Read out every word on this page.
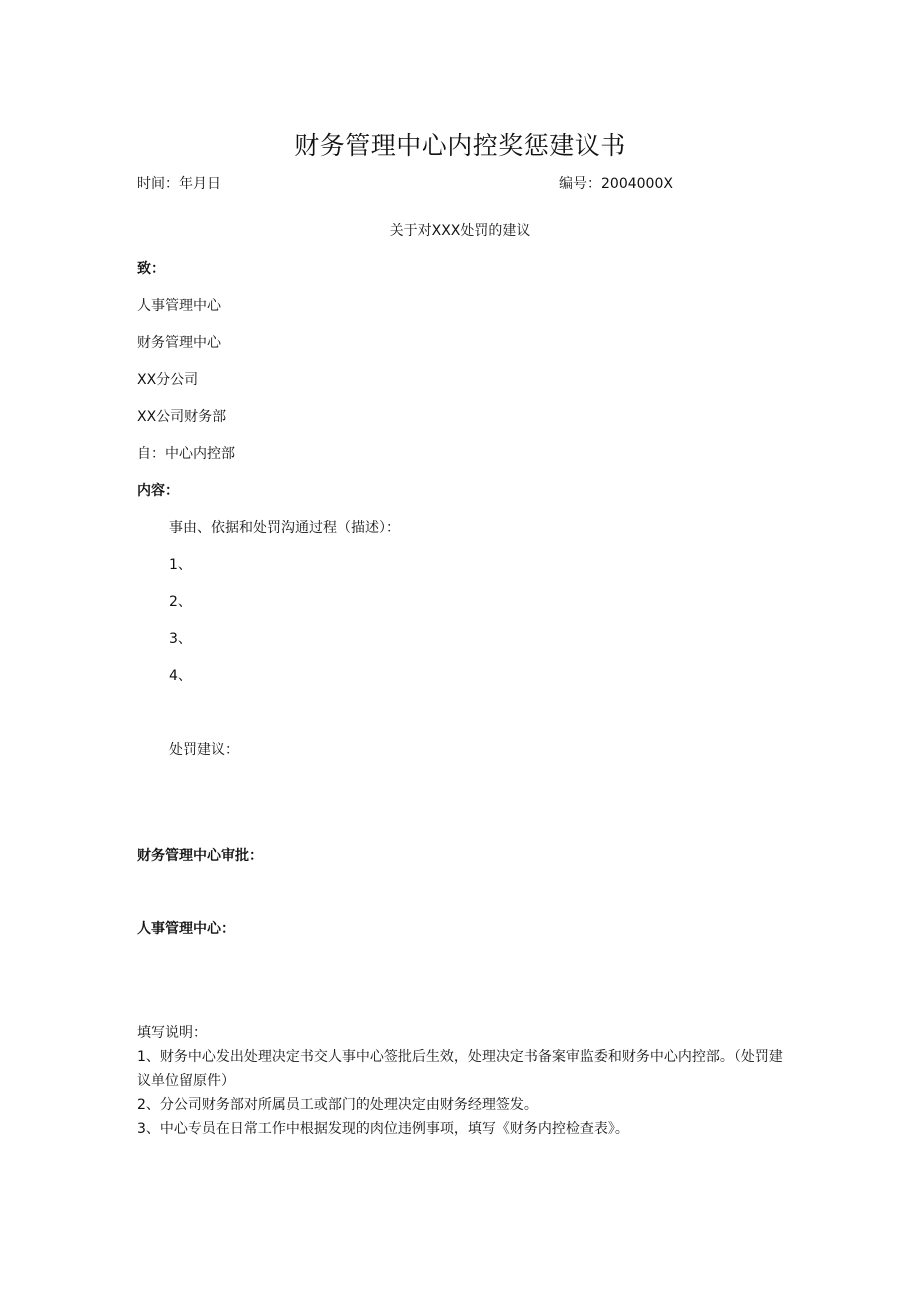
财务管理中心内控奖惩建议书
时间：年月日	编号：2004000X
关于对XXX处罚的建议
致：
人事管理中心
财务管理中心
XX分公司
XX公司财务部
自：中心内控部
内容：
事由、依据和处罚沟通过程（描述）：
1、
2、
3、
4、
处罚建议：
财务管理中心审批：
人事管理中心：
填写说明：
1、财务中心发出处理决定书交人事中心签批后生效，处理决定书备案审监委和财务中心内控部。（处罚建议单位留原件）
2、分公司财务部对所属员工或部门的处理决定由财务经理签发。
3、中心专员在日常工作中根据发现的肉位违例事项，填写《财务内控检查表》。
